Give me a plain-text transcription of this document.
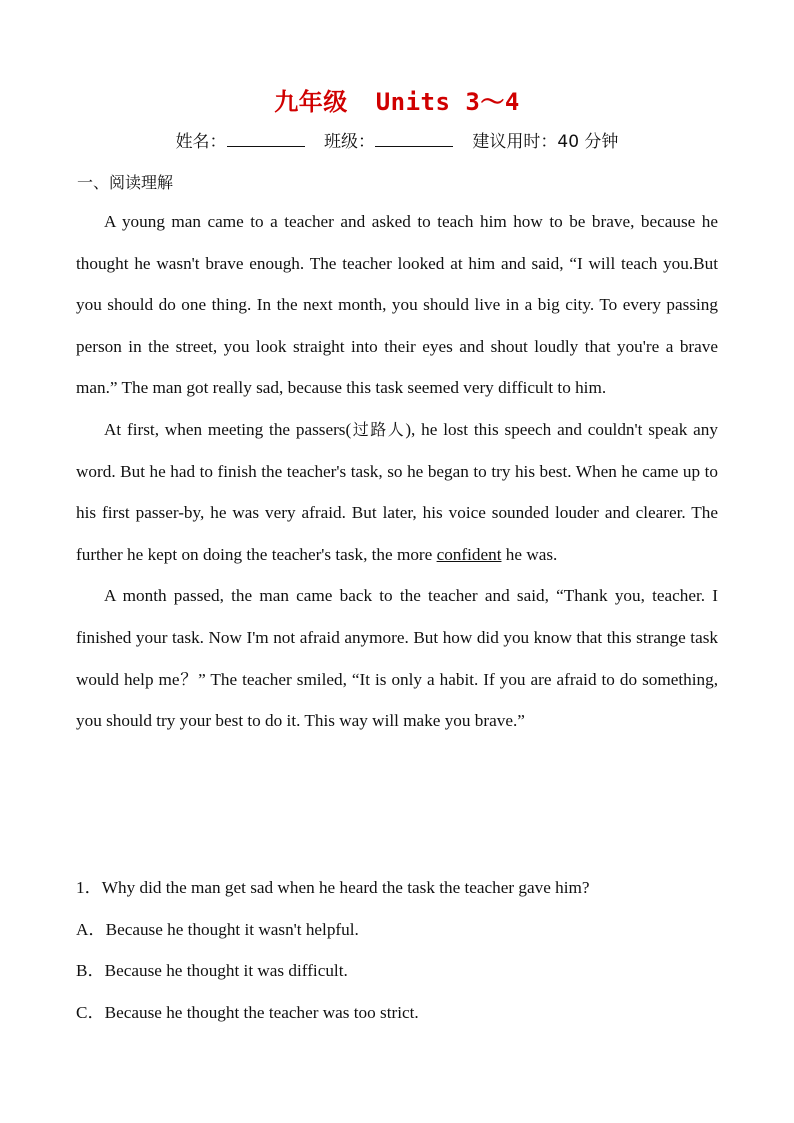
九年级 Units 3～4
姓名：	班级：	建议用时：40 分钟
一、阅读理解

A young man came to a teacher and asked to teach him how to be brave, because he thought he wasn't brave enough. The teacher looked at him and said, “I will teach you.But you should do one thing. In the next month, you should live in a big city. To every passing person in the street, you look straight into their eyes and shout loudly that you're a brave man.” The man got really sad, because this task seemed very difficult to him.

At first, when meeting the passers(过路人), he lost this speech and couldn't speak any word. But he had to finish the teacher's task, so he began to try his best. When he came up to his first passer-by, he was very afraid. But later, his voice sounded louder and clearer. The further he kept on doing the teacher's task, the more confident he was.

A month passed, the man came back to the teacher and said, “Thank you, teacher. I finished your task. Now I'm not afraid anymore. But how did you know that this strange task would help me？” The teacher smiled, “It is only a habit. If you are afraid to do something, you should try your best to do it. This way will make you brave.”

1．Why did the man get sad when he heard the task the teacher gave him?
A．Because he thought it wasn't helpful.
B．Because he thought it was difficult.
C．Because he thought the teacher was too strict.
